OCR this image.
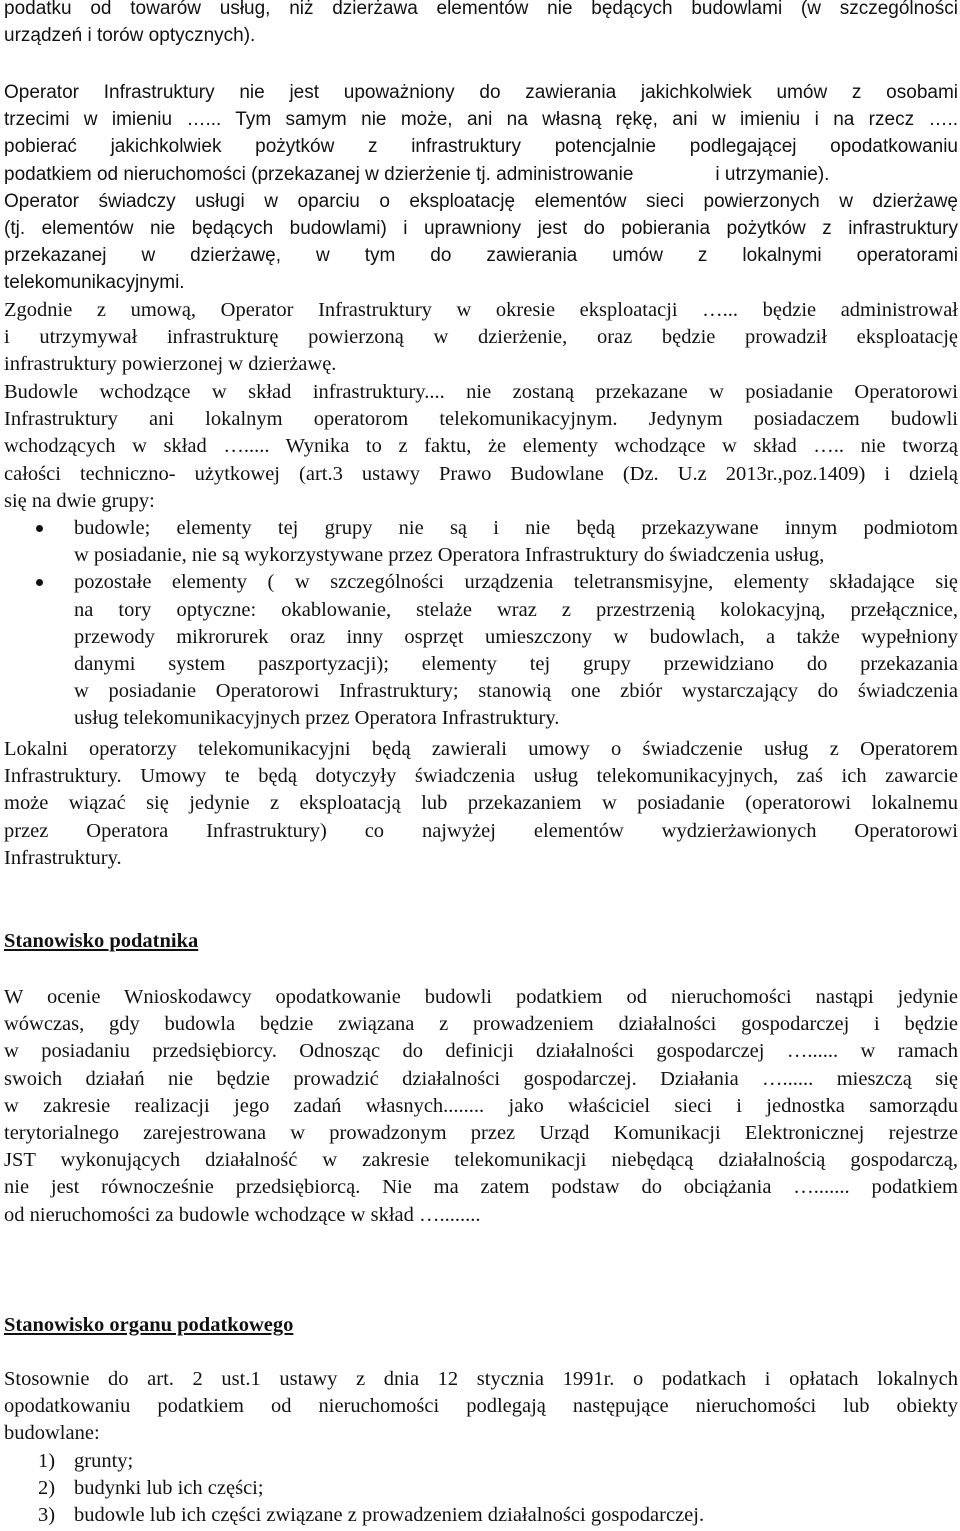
podatku od towarów usług, niż dzierżawa elementów nie będących budowlami (w szczególności
urządzeń i torów optycznych).
Operator Infrastruktury nie jest upoważniony do zawierania jakichkolwiek umów z osobami
trzecimi w imieniu …... Tym samym nie może, ani na własną rękę, ani w imieniu i na rzecz …..
pobierać jakichkolwiek pożytków z infrastruktury potencjalnie podlegającej opodatkowaniu
podatkiem od nieruchomości (przekazanej w dzierżenie tj. administrowanie	i utrzymanie).
Operator świadczy usługi w oparciu o eksploatację elementów sieci powierzonych w dzierżawę
(tj. elementów nie będących budowlami) i uprawniony jest do pobierania pożytków z infrastruktury
przekazanej w dzierżawę, w tym do zawierania umów z lokalnymi operatorami
telekomunikacyjnymi.
Zgodnie z umową, Operator Infrastruktury w okresie eksploatacji …... będzie administrował
i utrzymywał infrastrukturę powierzoną w dzierżenie, oraz będzie prowadził eksploatację
infrastruktury powierzonej w dzierżawę.
Budowle wchodzące w skład infrastruktury.... nie zostaną przekazane w posiadanie Operatorowi
Infrastruktury ani lokalnym operatorom telekomunikacyjnym. Jedynym posiadaczem budowli
wchodzących w skład …..... Wynika to z faktu, że elementy wchodzące w skład ….. nie tworzą
całości techniczno- użytkowej (art.3 ustawy Prawo Budowlane (Dz. U.z 2013r.,poz.1409) i dzielą
się na dwie grupy:
budowle; elementy tej grupy nie są i nie będą przekazywane innym podmiotom
w posiadanie, nie są wykorzystywane przez Operatora Infrastruktury do świadczenia usług,
pozostałe elementy ( w szczególności urządzenia teletransmisyjne, elementy składające się
na tory optyczne: okablowanie, stelaże wraz z przestrzenią kolokacyjną, przełącznice,
przewody mikrorurek oraz inny osprzęt umieszczony w budowlach, a także wypełniony
danymi system paszportyzacji); elementy tej grupy przewidziano do przekazania
w posiadanie Operatorowi Infrastruktury; stanowią one zbiór wystarczający do świadczenia
usług telekomunikacyjnych przez Operatora Infrastruktury.
Lokalni operatorzy telekomunikacyjni będą zawierali umowy o świadczenie usług z Operatorem
Infrastruktury. Umowy te będą dotyczyły świadczenia usług telekomunikacyjnych, zaś ich zawarcie
może wiązać się jedynie z eksploatacją lub przekazaniem w posiadanie (operatorowi lokalnemu
przez Operatora Infrastruktury) co najwyżej elementów wydzierżawionych Operatorowi
Infrastruktury.
Stanowisko podatnika
W ocenie Wnioskodawcy opodatkowanie budowli podatkiem od nieruchomości nastąpi jedynie
wówczas, gdy budowla będzie związana z prowadzeniem działalności gospodarczej i będzie
w posiadaniu przedsiębiorcy. Odnosząc do definicji działalności gospodarczej …...... w ramach
swoich działań nie będzie prowadzić działalności gospodarczej. Działania …...... mieszczą się
w zakresie realizacji jego zadań własnych........ jako właściciel sieci i jednostka samorządu
terytorialnego zarejestrowana w prowadzonym przez Urząd Komunikacji Elektronicznej rejestrze
JST wykonujących działalność w zakresie telekomunikacji niebędącą działalnością gospodarczą,
nie jest równocześnie przedsiębiorcą. Nie ma zatem podstaw do obciążania …....... podatkiem
od nieruchomości za budowle wchodzące w skład …........
Stanowisko organu podatkowego
Stosownie do art. 2 ust.1 ustawy z dnia 12 stycznia 1991r. o podatkach i opłatach lokalnych
opodatkowaniu podatkiem od nieruchomości podlegają następujące nieruchomości lub obiekty
budowlane:
1) grunty;
2) budynki lub ich części;
3) budowle lub ich części związane z prowadzeniem działalności gospodarczej.
